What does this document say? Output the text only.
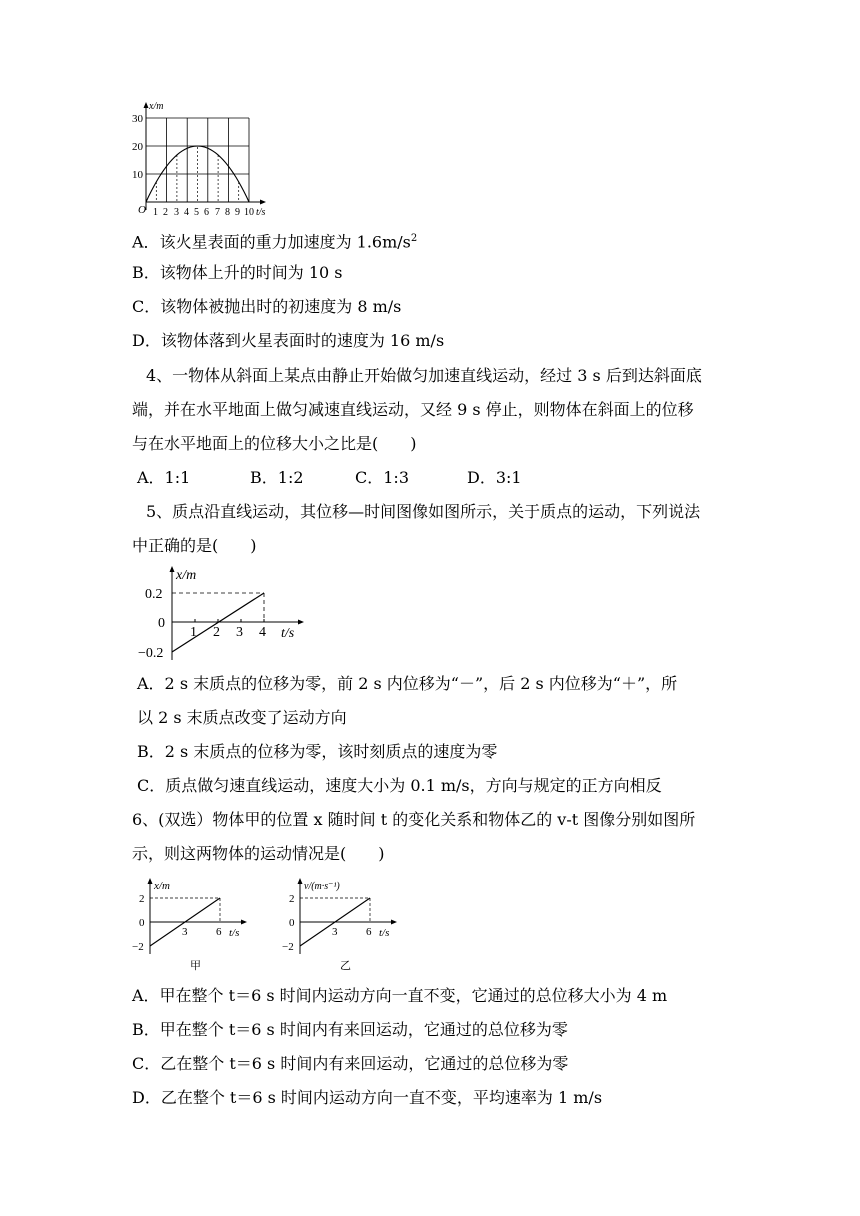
x/m
30
20
10
O 1 2 3 4 5 6 7 8 9 10 t/s
A．该火星表面的重力加速度为 $1.6m/s^2$
B．该物体上升的时间为 10 s
C．该物体被抛出时的初速度为 8 m/s
D．该物体落到火星表面时的速度为 16 m/s
4、一物体从斜面上某点由静止开始做匀加速直线运动，经过 3 s 后到达斜面底
端，并在水平地面上做匀减速直线运动，又经 9 s 停止，则物体在斜面上的位移
与在水平地面上的位移大小之比是(　　)
A．1:1	B．1:2	C．1:3	D．3:1
5、质点沿直线运动，其位移—时间图像如图所示，关于质点的运动，下列说法
中正确的是(　　)
x/m
0.2
0
−0.2
1 2 3 4 t/s
A．2 s 末质点的位移为零，前 2 s 内位移为“－”，后 2 s 内位移为“＋”，所
以 2 s 末质点改变了运动方向
B．2 s 末质点的位移为零，该时刻质点的速度为零
C．质点做匀速直线运动，速度大小为 0.1 m/s，方向与规定的正方向相反
6、(双选）物体甲的位置 x 随时间 t 的变化关系和物体乙的 v-t 图像分别如图所
示，则这两物体的运动情况是(　　)
x/m
2
0
−2
3	6 t/s
甲
v/(m·s⁻¹)
2
0
−2
3	6 t/s
乙
A．甲在整个 t＝6 s 时间内运动方向一直不变，它通过的总位移大小为 4 m
B．甲在整个 t＝6 s 时间内有来回运动，它通过的总位移为零
C．乙在整个 t＝6 s 时间内有来回运动，它通过的总位移为零
D．乙在整个 t＝6 s 时间内运动方向一直不变，平均速率为 1 m/s
